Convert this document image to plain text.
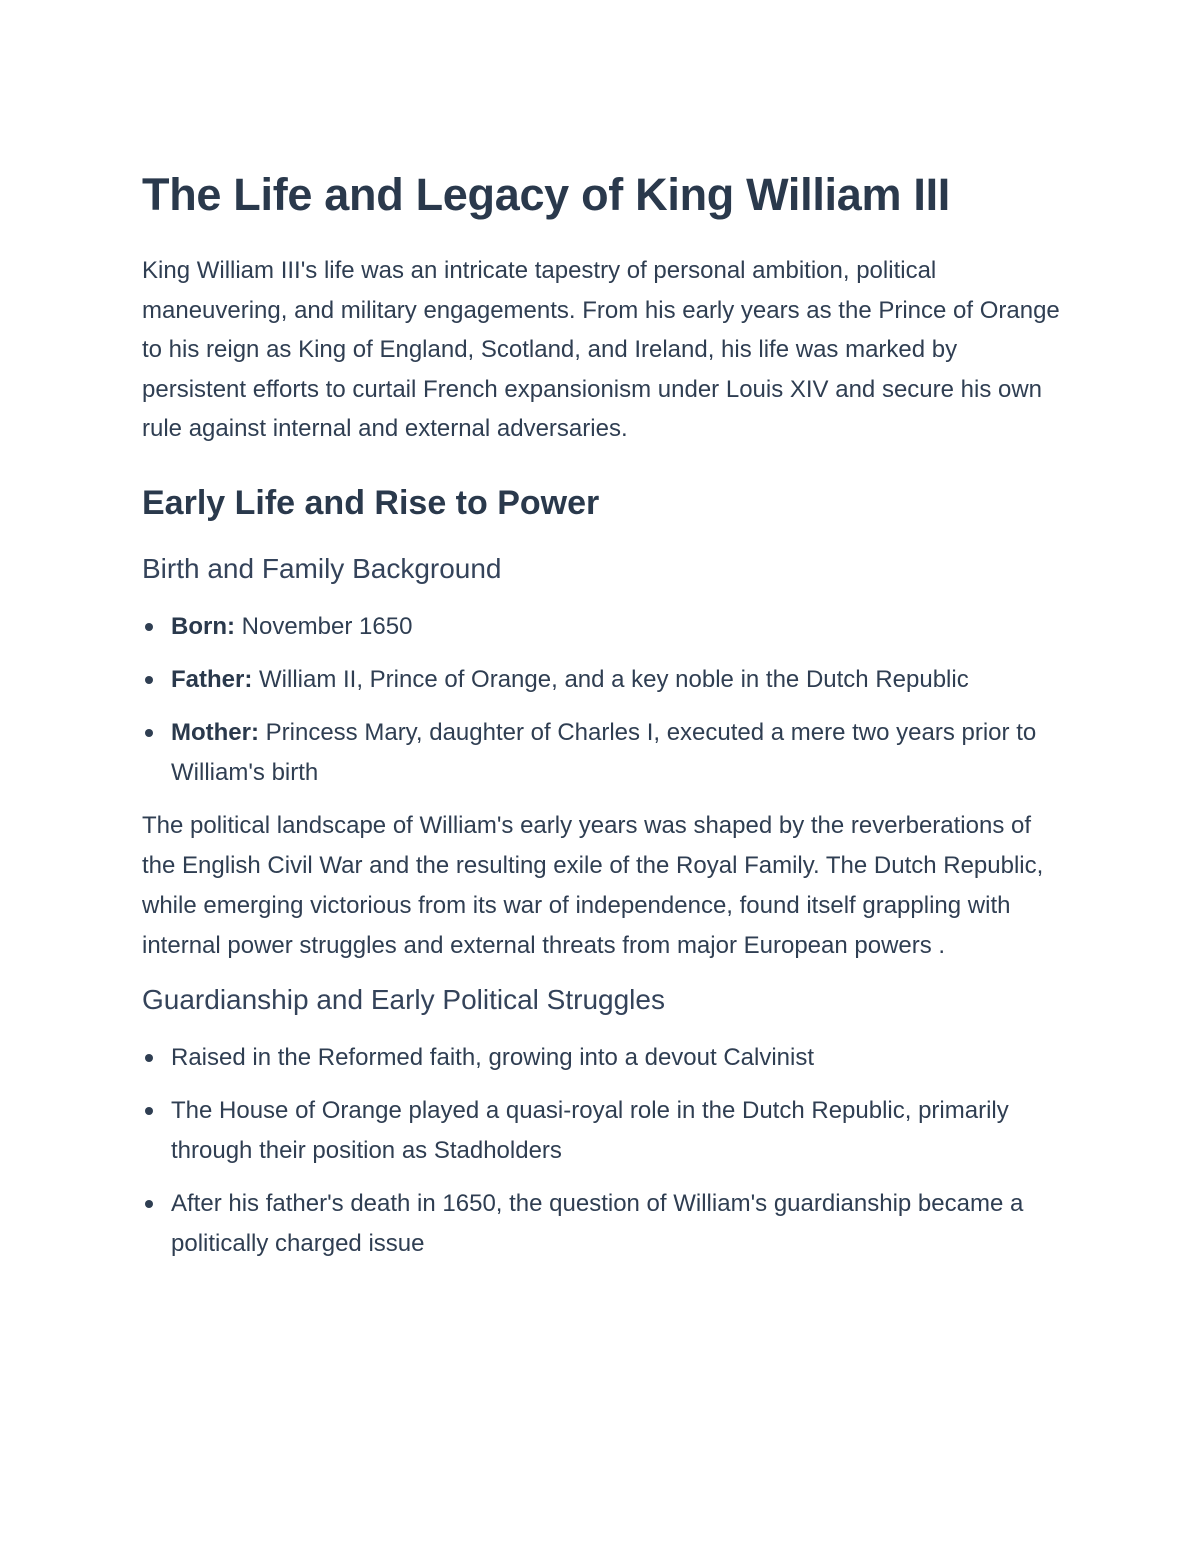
The Life and Legacy of King William III

King William III's life was an intricate tapestry of personal ambition, political maneuvering, and military engagements. From his early years as the Prince of Orange to his reign as King of England, Scotland, and Ireland, his life was marked by persistent efforts to curtail French expansionism under Louis XIV and secure his own rule against internal and external adversaries.

Early Life and Rise to Power
Birth and Family Background
Born: November 1650
Father: William II, Prince of Orange, and a key noble in the Dutch Republic
Mother: Princess Mary, daughter of Charles I, executed a mere two years prior to William's birth

The political landscape of William's early years was shaped by the reverberations of the English Civil War and the resulting exile of the Royal Family. The Dutch Republic, while emerging victorious from its war of independence, found itself grappling with internal power struggles and external threats from major European powers .

Guardianship and Early Political Struggles
Raised in the Reformed faith, growing into a devout Calvinist
The House of Orange played a quasi-royal role in the Dutch Republic, primarily through their position as Stadholders
After his father's death in 1650, the question of William's guardianship became a politically charged issue
